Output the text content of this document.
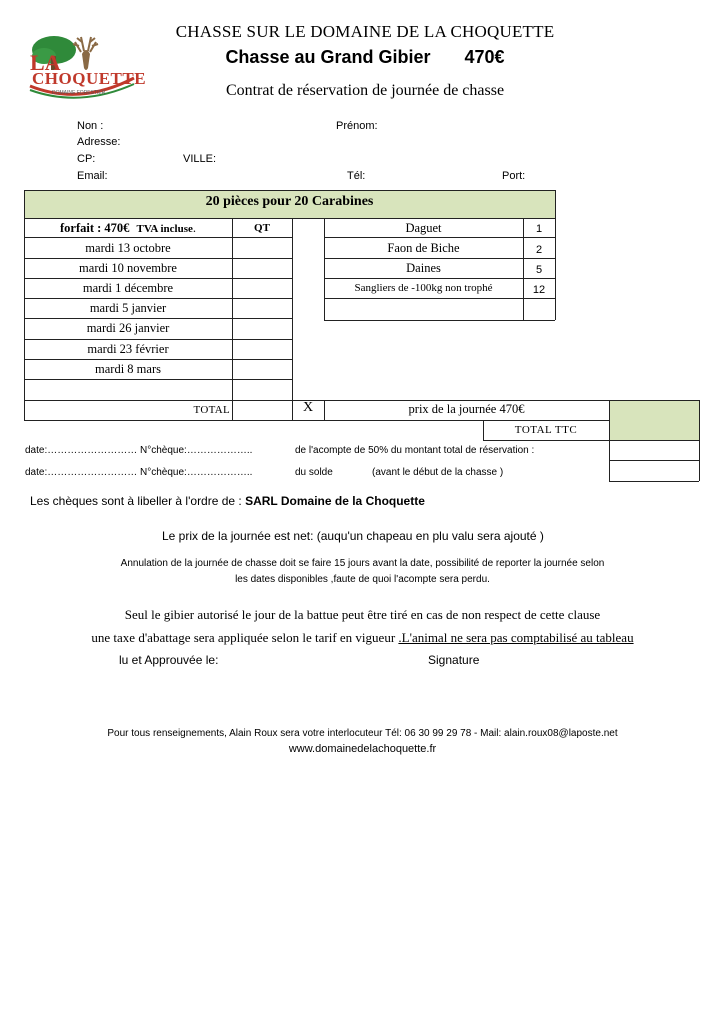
LA
CHOQUETTE
DOMAINE FORESTIER
CHASSE SUR LE DOMAINE DE LA CHOQUETTE
Chasse au Grand Gibier 470€
Contrat de réservation de journée de chasse
Non :	Prénom:
Adresse:
CP:	VILLE:
Email:	Tél:	Port:
20 pièces pour 20 Carabines
forfait : 470€ TVA incluse.	QT
mardi 13 octobre
mardi 10 novembre
mardi 1 décembre
mardi 5 janvier
mardi 26 janvier
mardi 23 février
mardi 8 mars
Daguet	1
Faon de Biche	2
Daines	5
Sangliers de -100kg non trophé	12
TOTAL	X	prix de la journée 470€
TOTAL TTC
date:……………………… N°chèque:………………..	de l'acompte de 50% du montant total de réservation :
date:……………………… N°chèque:………………..	du solde	(avant le début de la chasse )
Les chèques sont à libeller à l'ordre de : SARL Domaine de la Choquette
Le prix de la journée est net: (auqu'un chapeau en plu valu sera ajouté )
Annulation de la journée de chasse doit se faire 15 jours avant la date, possibilité de reporter la journée selon
les dates disponibles ,faute de quoi l'acompte sera perdu.
Seul le gibier autorisé le jour de la battue peut être tiré en cas de non respect de cette clause
une taxe d'abattage sera appliquée selon le tarif en vigueur .L'animal ne sera pas comptabilisé au tableau
lu et Approuvée le:	Signature
Pour tous renseignements, Alain Roux sera votre interlocuteur Tél: 06 30 99 29 78 - Mail: alain.roux08@laposte.net
www.domainedelachoquette.fr
